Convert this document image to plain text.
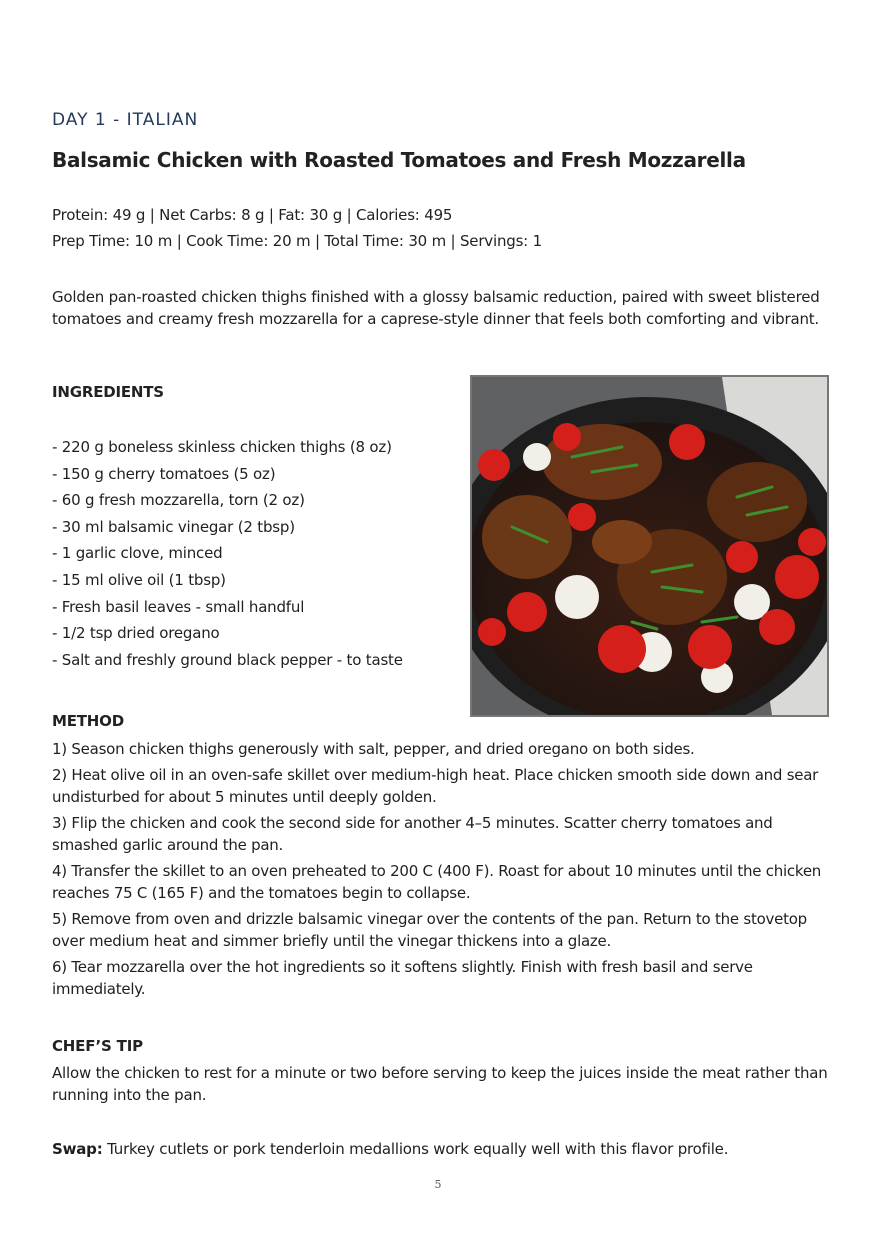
DAY 1 - ITALIAN
Balsamic Chicken with Roasted Tomatoes and Fresh Mozzarella
Protein: 49 g | Net Carbs: 8 g | Fat: 30 g | Calories: 495
Prep Time: 10 m | Cook Time: 20 m | Total Time: 30 m | Servings: 1

Golden pan-roasted chicken thighs finished with a glossy balsamic reduction, paired with sweet blistered tomatoes and creamy fresh mozzarella for a caprese-style dinner that feels both comforting and vibrant.

INGREDIENTS
- 220 g boneless skinless chicken thighs (8 oz)
- 150 g cherry tomatoes (5 oz)
- 60 g fresh mozzarella, torn (2 oz)
- 30 ml balsamic vinegar (2 tbsp)
- 1 garlic clove, minced
- 15 ml olive oil (1 tbsp)
- Fresh basil leaves - small handful
- 1/2 tsp dried oregano
- Salt and freshly ground black pepper - to taste
METHOD
1) Season chicken thighs generously with salt, pepper, and dried oregano on both sides.
2) Heat olive oil in an oven-safe skillet over medium-high heat. Place chicken smooth side down and sear undisturbed for about 5 minutes until deeply golden.
3) Flip the chicken and cook the second side for another 4–5 minutes. Scatter cherry tomatoes and smashed garlic around the pan.
4) Transfer the skillet to an oven preheated to 200 C (400 F). Roast for about 10 minutes until the chicken reaches 75 C (165 F) and the tomatoes begin to collapse.
5) Remove from oven and drizzle balsamic vinegar over the contents of the pan. Return to the stovetop over medium heat and simmer briefly until the vinegar thickens into a glaze.
6) Tear mozzarella over the hot ingredients so it softens slightly. Finish with fresh basil and serve immediately.
CHEF’S TIP

Allow the chicken to rest for a minute or two before serving to keep the juices inside the meat rather than running into the pan.

Swap: Turkey cutlets or pork tenderloin medallions work equally well with this flavor profile.

5
